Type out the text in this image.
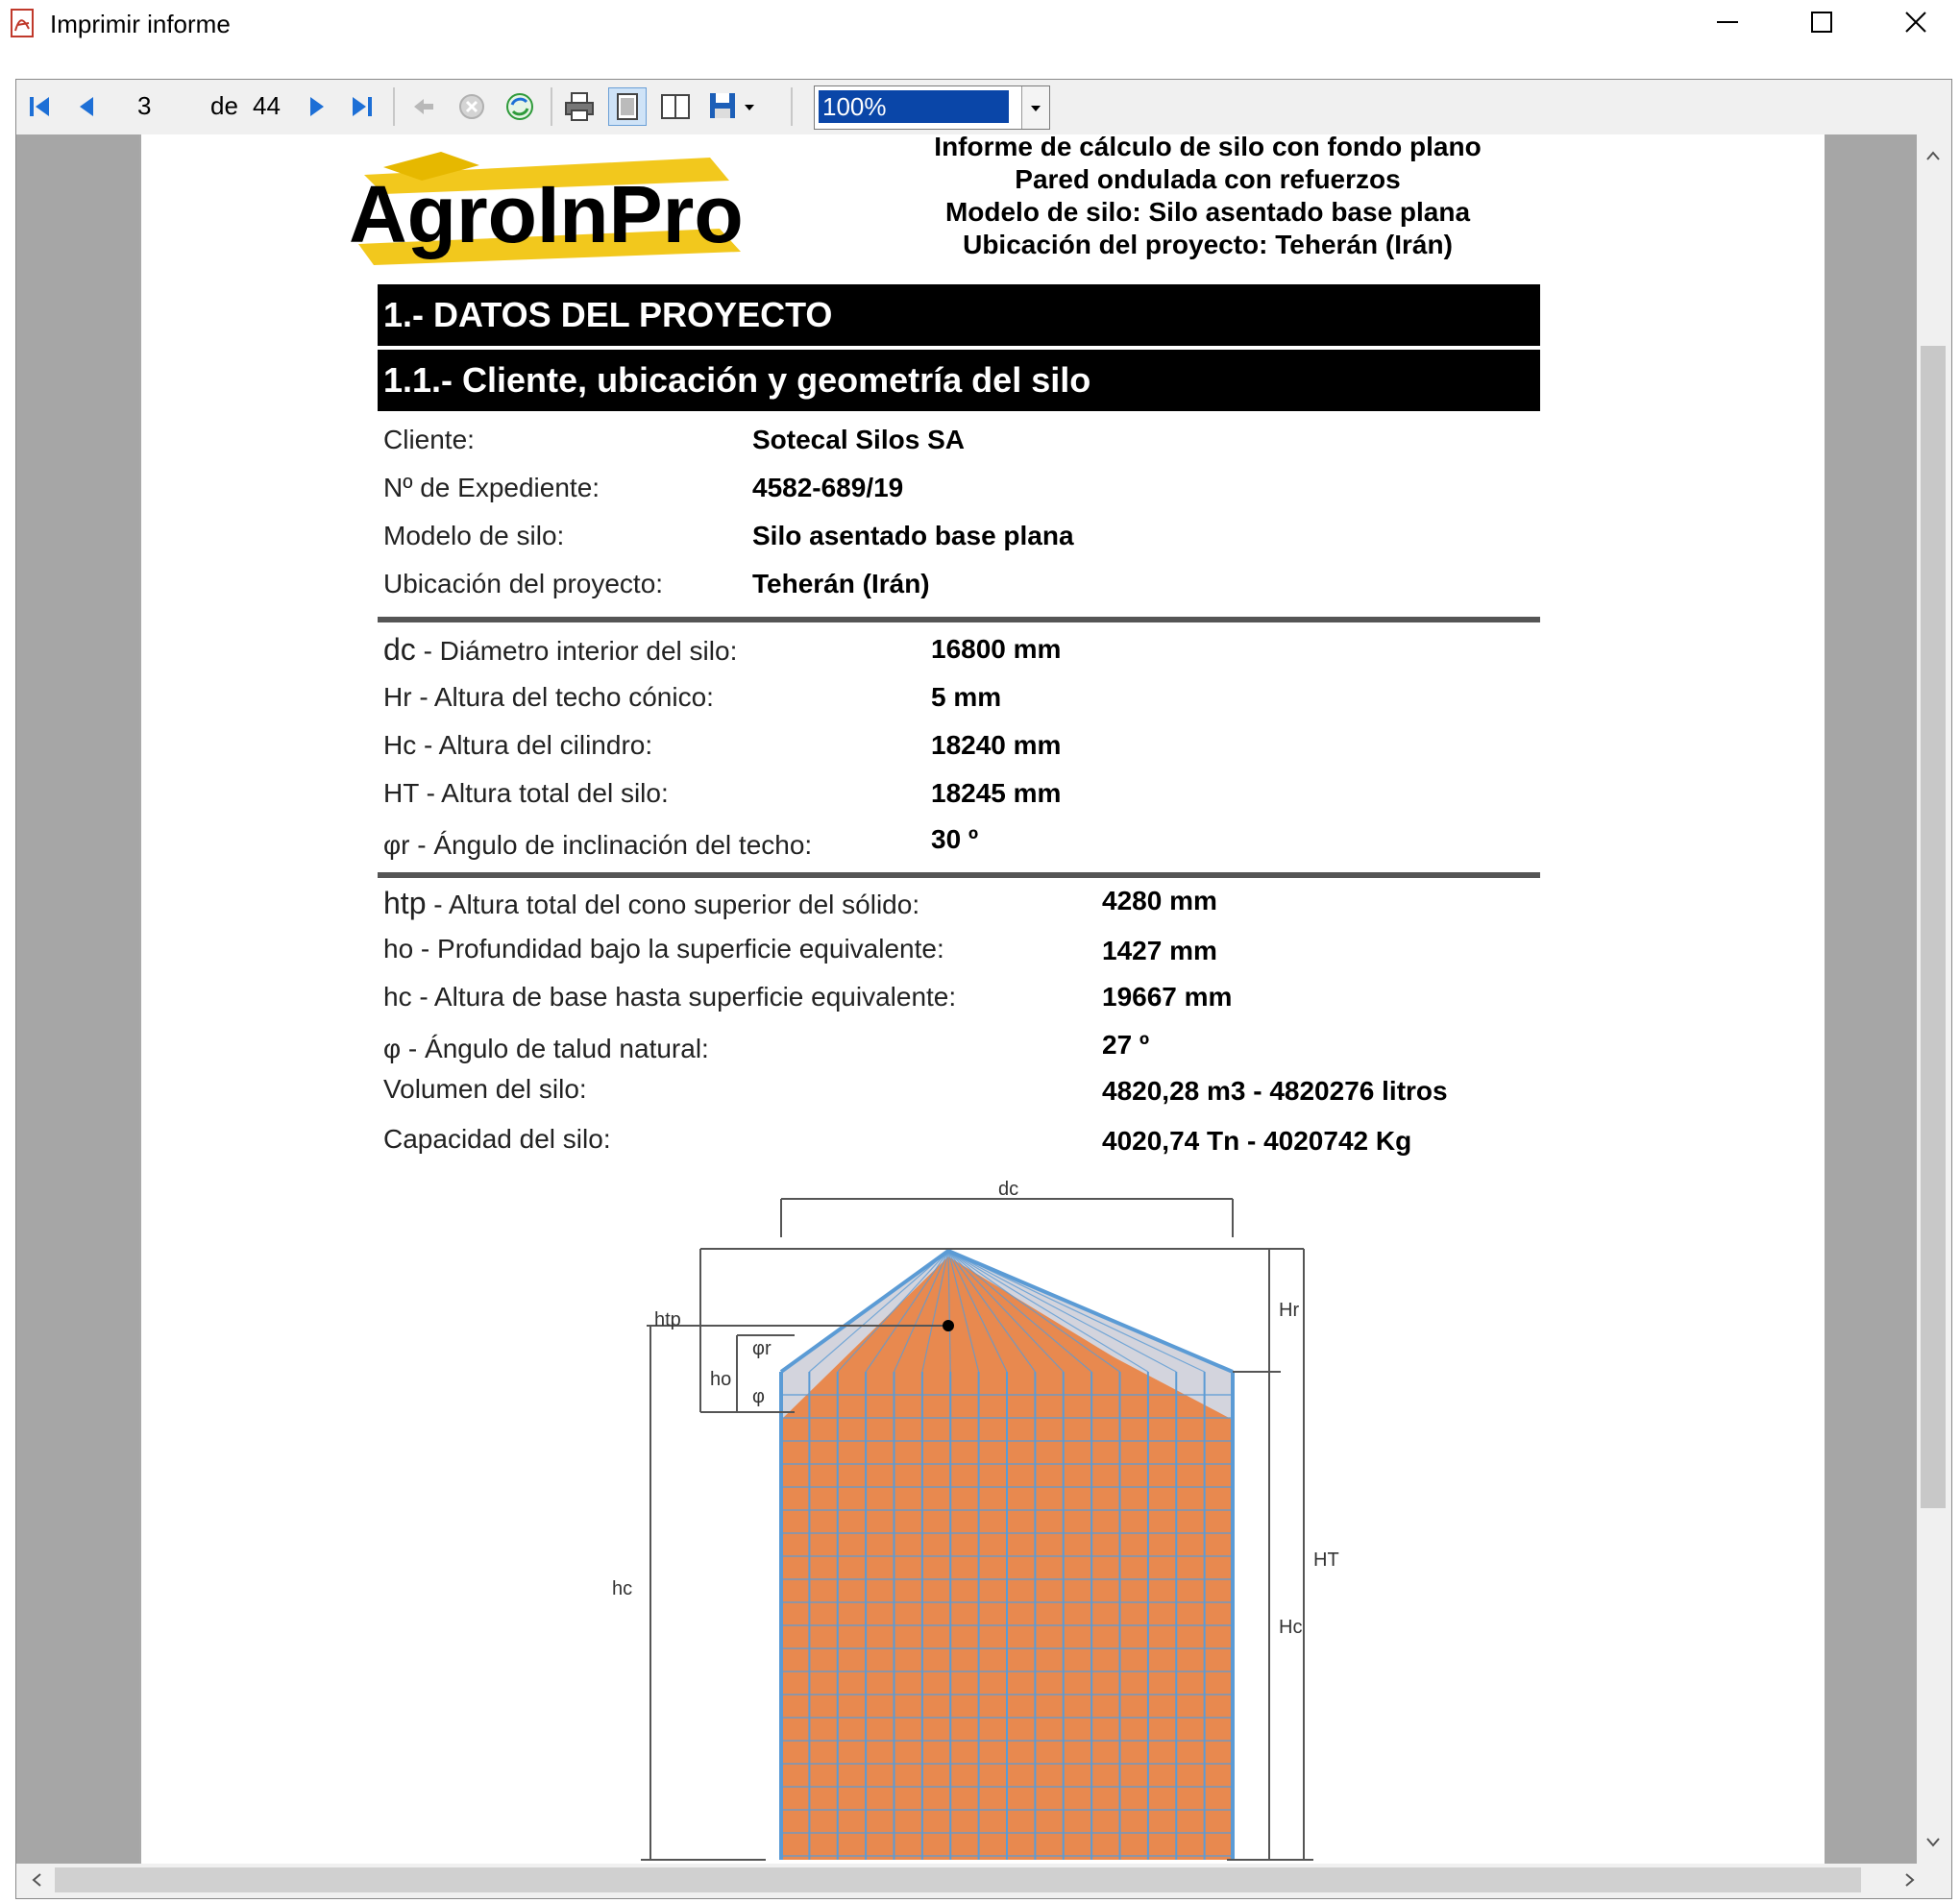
Imprimir informe
3
de 44	100%
AgroInPro
Informe de cálculo de silo con fondo plano
Pared ondulada con refuerzos
Modelo de silo: Silo asentado base plana
Ubicación del proyecto: Teherán (Irán)
1.- DATOS DEL PROYECTO
1.1.- Cliente, ubicación y geometría del silo
Cliente:	Sotecal Silos SA
Nº de Expediente:	4582-689/19
Modelo de silo:	Silo asentado base plana
Ubicación del proyecto:	Teherán (Irán)
dc - Diámetro interior del silo:	16800 mm
Hr - Altura del techo cónico:	5 mm
Hc - Altura del cilindro:	18240 mm
HT - Altura total del silo:	18245 mm
φr - Ángulo de inclinación del techo:	30 º
htp - Altura total del cono superior del sólido:	4280 mm
ho - Profundidad bajo la superficie equivalente:	1427 mm
hc - Altura de base hasta superficie equivalente:	19667 mm
φ - Ángulo de talud natural:	27 º
Volumen del silo:	4820,28 m3 - 4820276 litros
Capacidad del silo:	4020,74 Tn - 4020742 Kg
dc
Hr
HT
Hc
htp
ho
hc
φr
φ
